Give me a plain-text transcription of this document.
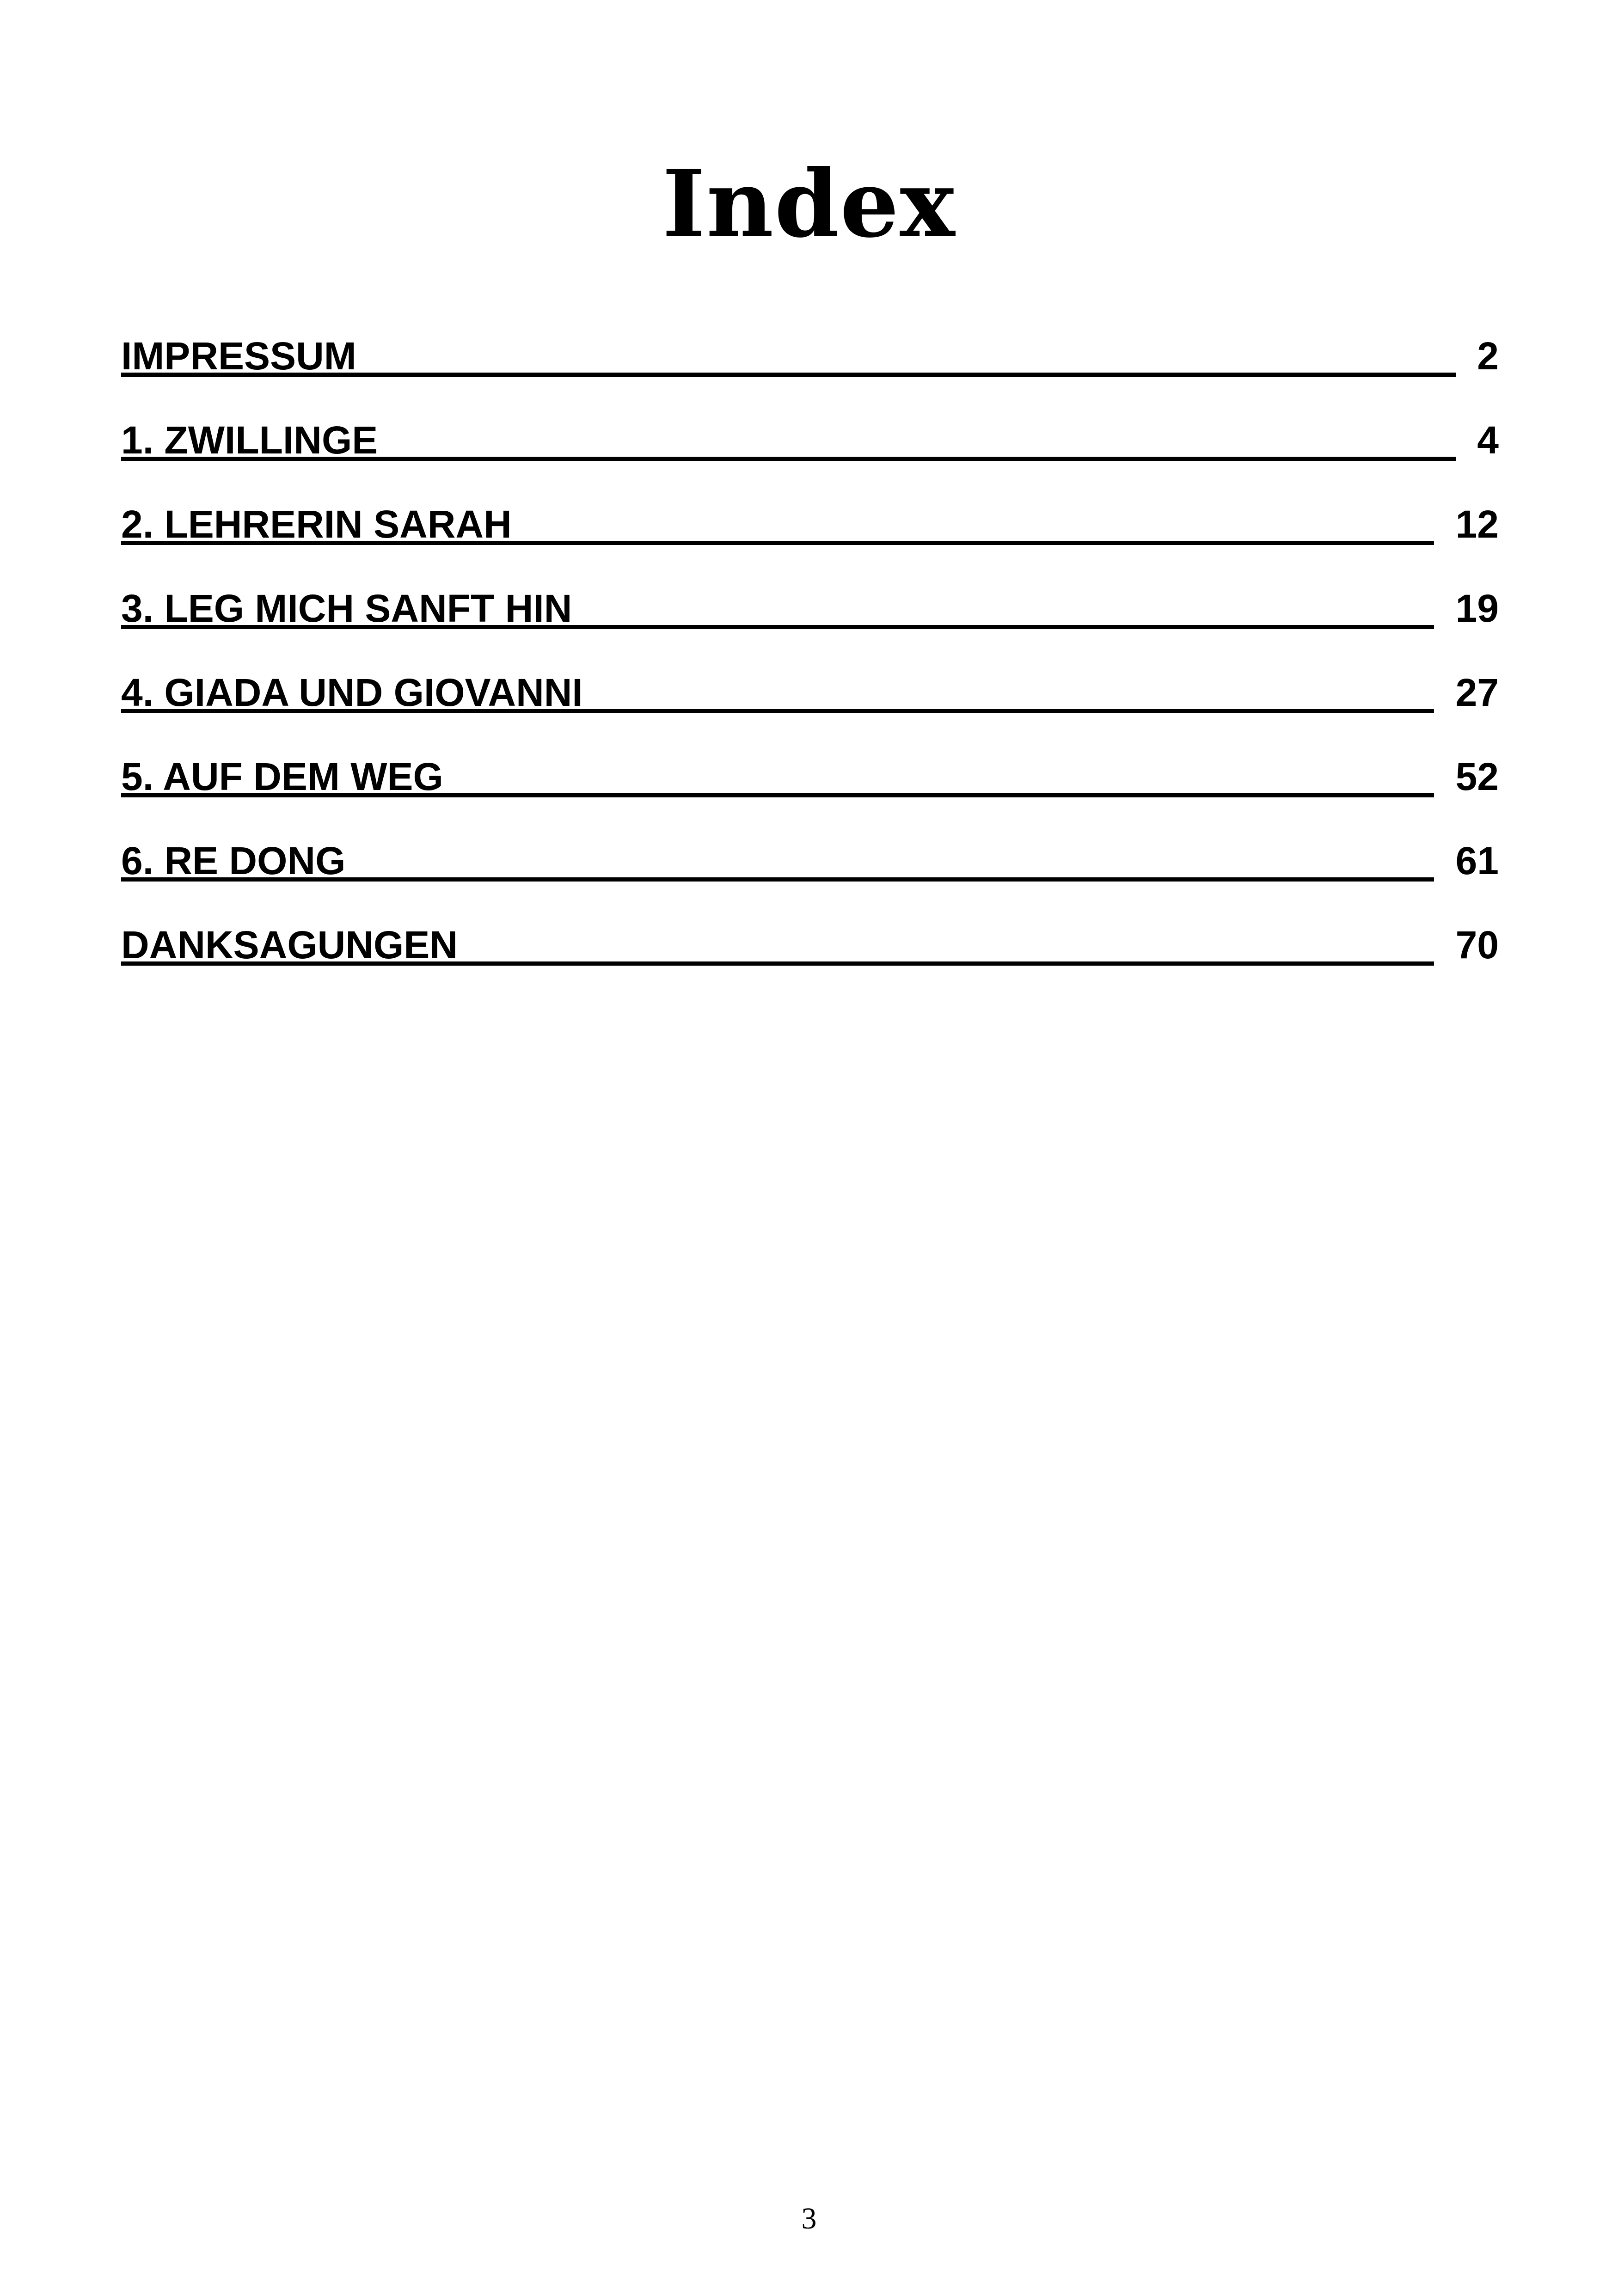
Index
IMPRESSUM	2
1. ZWILLINGE	4
2. LEHRERIN SARAH	12
3. LEG MICH SANFT HIN	19
4. GIADA UND GIOVANNI	27
5. AUF DEM WEG	52
6. RE DONG	61
DANKSAGUNGEN	70
3
